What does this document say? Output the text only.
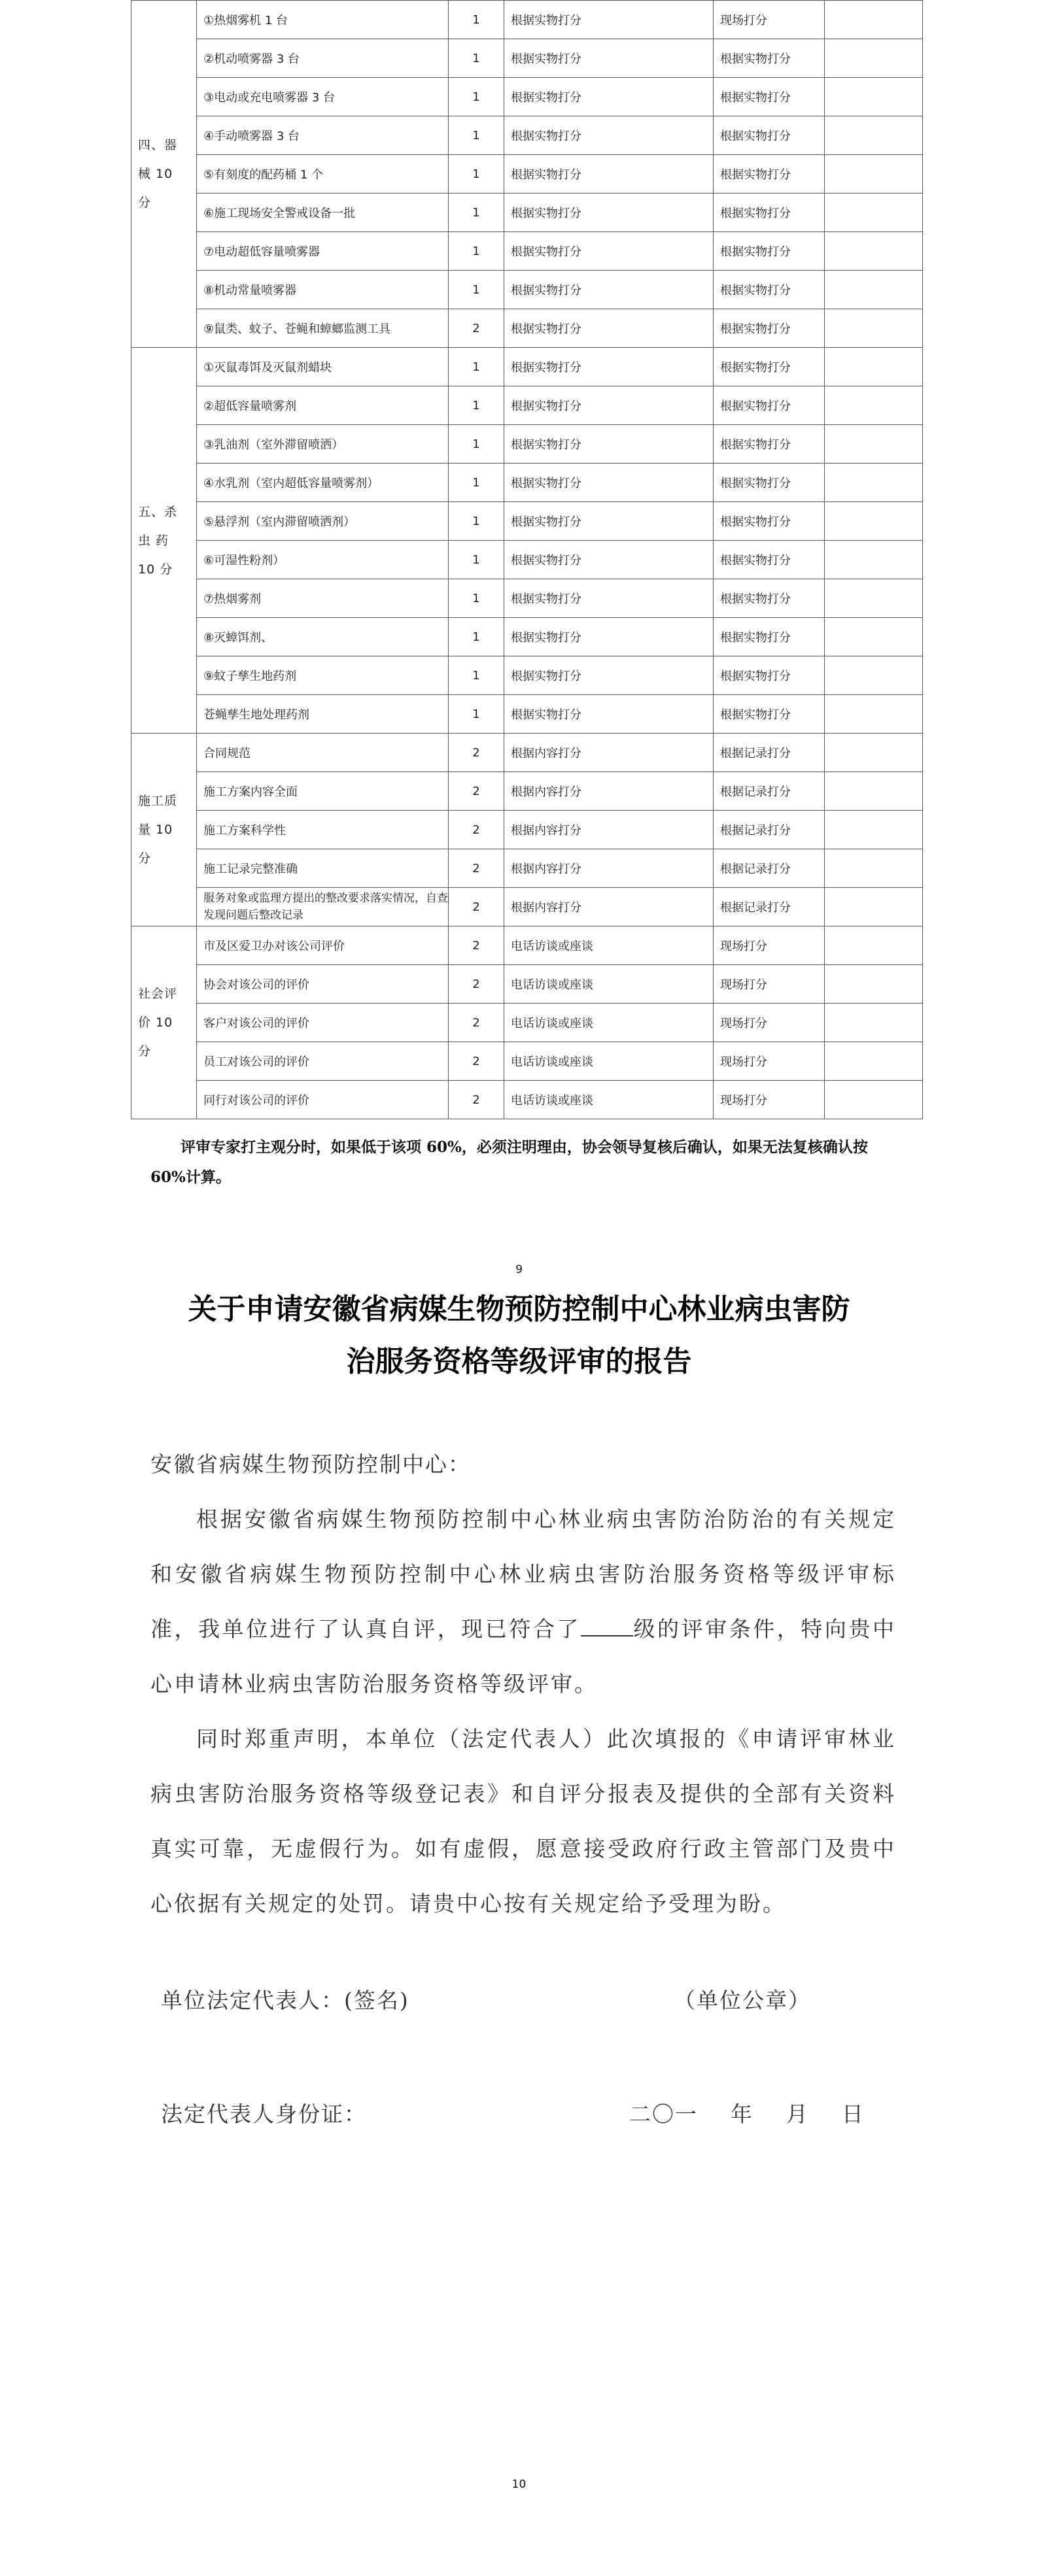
四、器
械 10
分	①热烟雾机 1 台	1	根据实物打分	现场打分	
	②机动喷雾器 3 台	1	根据实物打分	根据实物打分	
	③电动或充电喷雾器 3 台	1	根据实物打分	根据实物打分	
	④手动喷雾器 3 台	1	根据实物打分	根据实物打分	
	⑤有刻度的配药桶 1 个	1	根据实物打分	根据实物打分	
	⑥施工现场安全警戒设备一批	1	根据实物打分	根据实物打分	
	⑦电动超低容量喷雾器	1	根据实物打分	根据实物打分	
	⑧机动常量喷雾器	1	根据实物打分	根据实物打分	
	⑨鼠类、蚊子、苍蝇和蟑螂监测工具	2	根据实物打分	根据实物打分	

五、杀
虫 药
10 分	①灭鼠毒饵及灭鼠剂蜡块	1	根据实物打分	根据实物打分	
	②超低容量喷雾剂	1	根据实物打分	根据实物打分	
	③乳油剂（室外滞留喷洒）	1	根据实物打分	根据实物打分	
	④水乳剂（室内超低容量喷雾剂）	1	根据实物打分	根据实物打分	
	⑤悬浮剂（室内滞留喷洒剂）	1	根据实物打分	根据实物打分	
	⑥可湿性粉剂）	1	根据实物打分	根据实物打分	
	⑦热烟雾剂	1	根据实物打分	根据实物打分	
	⑧灭蟑饵剂、	1	根据实物打分	根据实物打分	
	⑨蚊子孳生地药剂	1	根据实物打分	根据实物打分	
	苍蝇孳生地处理药剂	1	根据实物打分	根据实物打分	

施工质
量 10
分	合同规范	2	根据内容打分	根据记录打分	
	施工方案内容全面	2	根据内容打分	根据记录打分	
	施工方案科学性	2	根据内容打分	根据记录打分	
	施工记录完整准确	2	根据内容打分	根据记录打分	
	服务对象或监理方提出的整改要求落实情况，自查发现问题后整改记录	2	根据内容打分	根据记录打分	

社会评
价 10
分	市及区爱卫办对该公司评价	2	电话访谈或座谈	现场打分	
	协会对该公司的评价	2	电话访谈或座谈	现场打分	
	客户对该公司的评价	2	电话访谈或座谈	现场打分	
	员工对该公司的评价	2	电话访谈或座谈	现场打分	
	同行对该公司的评价	2	电话访谈或座谈	现场打分	
评审专家打主观分时，如果低于该项 60%，必须注明理由，协会领导复核后确认，如果无法复核确认按 60%计算。
9
关于申请安徽省病媒生物预防控制中心林业病虫害防
治服务资格等级评审的报告
安徽省病媒生物预防控制中心：

根据安徽省病媒生物预防控制中心林业病虫害防治防治的有关规定和安徽省病媒生物预防控制中心林业病虫害防治服务资格等级评审标准，我单位进行了认真自评，现已符合了 级的评审条件，特向贵中心申请林业病虫害防治服务资格等级评审。

同时郑重声明，本单位（法定代表人）此次填报的《申请评审林业病虫害防治服务资格等级登记表》和自评分报表及提供的全部有关资料真实可靠，无虚假行为。如有虚假，愿意接受政府行政主管部门及贵中心依据有关规定的处罚。请贵中心按有关规定给予受理为盼。

单位法定代表人：(签名)	（单位公章）
法定代表人身份证：	二〇一    年    月    日
10
